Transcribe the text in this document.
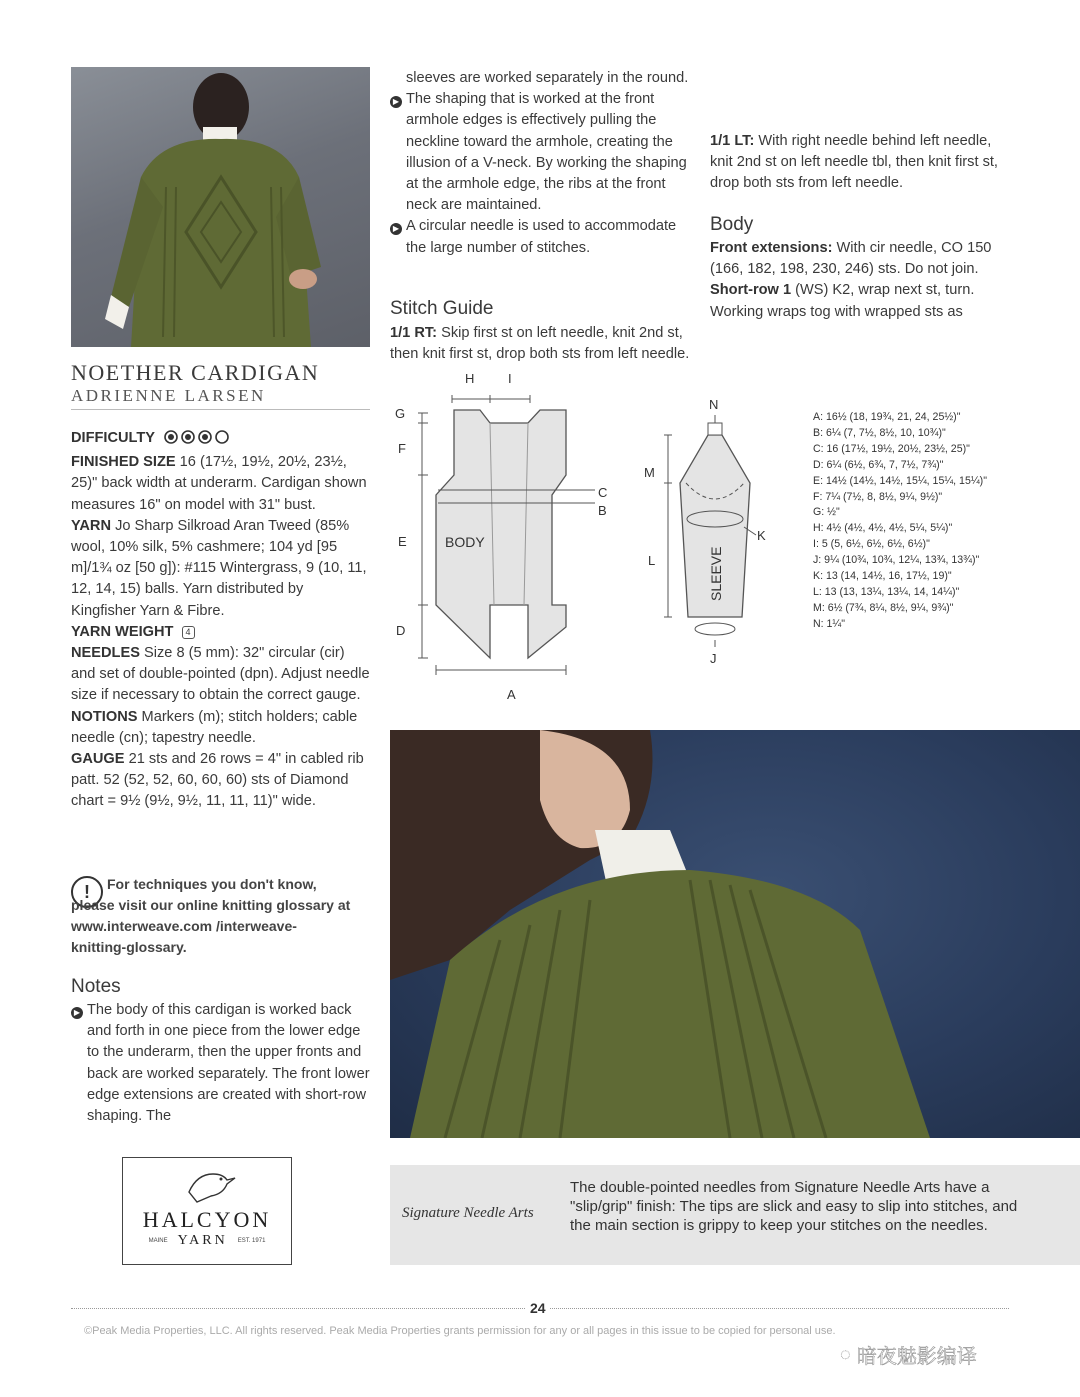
NOETHER CARDIGAN
ADRIENNE LARSEN
DIFFICULTY
FINISHED SIZE 16 (17½, 19½, 20½, 23½, 25)" back width at underarm. Cardigan shown measures 16" on model with 31" bust.
YARN Jo Sharp Silkroad Aran Tweed (85% wool, 10% silk, 5% cashmere; 104 yd [95 m]/1¾ oz [50 g]): #115 Wintergrass, 9 (10, 11, 12, 14, 15) balls. Yarn distributed by Kingfisher Yarn & Fibre.
YARN WEIGHT 4
NEEDLES Size 8 (5 mm): 32" circular (cir) and set of double-pointed (dpn). Adjust needle size if necessary to obtain the correct gauge.
NOTIONS Markers (m); stitch holders; cable needle (cn); tapestry needle.
GAUGE 21 sts and 26 rows = 4" in cabled rib patt. 52 (52, 52, 60, 60, 60) sts of Diamond chart = 9½ (9½, 9½, 11, 11, 11)" wide.
!	For techniques you don't know, please visit our online knitting glossary at www.interweave.com /interweave-knitting-glossary.
Notes
▶ The body of this cardigan is worked back and forth in one piece from the lower edge to the underarm, then the upper fronts and back are worked separately. The front lower edge extensions are created with short-row shaping. The
HALCYON
MAINE YARN EST. 1971
sleeves are worked separately in the round.
▶ The shaping that is worked at the front armhole edges is effectively pulling the neckline toward the armhole, creating the illusion of a V-neck. By working the shaping at the armhole edge, the ribs at the front neck are maintained.
▶ A circular needle is used to accommodate the large number of stitches.
Stitch Guide
1/1 RT: Skip first st on left needle, knit 2nd st, then knit first st, drop both sts from left needle.
1/1 LT: With right needle behind left needle, knit 2nd st on left needle tbl, then knit first st, drop both sts from left needle.
Body
Front extensions: With cir needle, CO 150 (166, 182, 198, 230, 246) sts. Do not join.
Short-row 1 (WS) K2, wrap next st, turn. Working wraps tog with wrapped sts as
BODY
SLEEVE
A
B
C
D
E
F
G
H	I
J
K
L
M
N
A: 16½ (18, 19¾, 21, 24, 25½)"
B: 6¼ (7, 7½, 8½, 10, 10¾)"
C: 16 (17½, 19½, 20½, 23½, 25)"
D: 6¼ (6½, 6¾, 7, 7½, 7¾)"
E: 14½ (14½, 14½, 15¼, 15¼, 15¼)"
F: 7¼ (7½, 8, 8½, 9¼, 9½)"
G: ½"
H: 4½ (4½, 4½, 4½, 5¼, 5¼)"
I: 5 (5, 6½, 6½, 6½, 6½)"
J: 9¼ (10¾, 10¾, 12¼, 13¾, 13¾)"
K: 13 (14, 14½, 16, 17½, 19)"
L: 13 (13, 13¼, 13¼, 14, 14¼)"
M: 6½ (7¾, 8¼, 8½, 9¼, 9¾)"
N: 1¼"
Signature Needle Arts
The double-pointed needles from Signature Needle Arts have a "slip/grip" finish: The tips are slick and easy to slip into stitches, and the main section is grippy to keep your stitches on the needles.
24
©Peak Media Properties, LLC. All rights reserved. Peak Media Properties grants permission for any or all pages in this issue to be copied for personal use.
◌ 暗夜魅影编译
